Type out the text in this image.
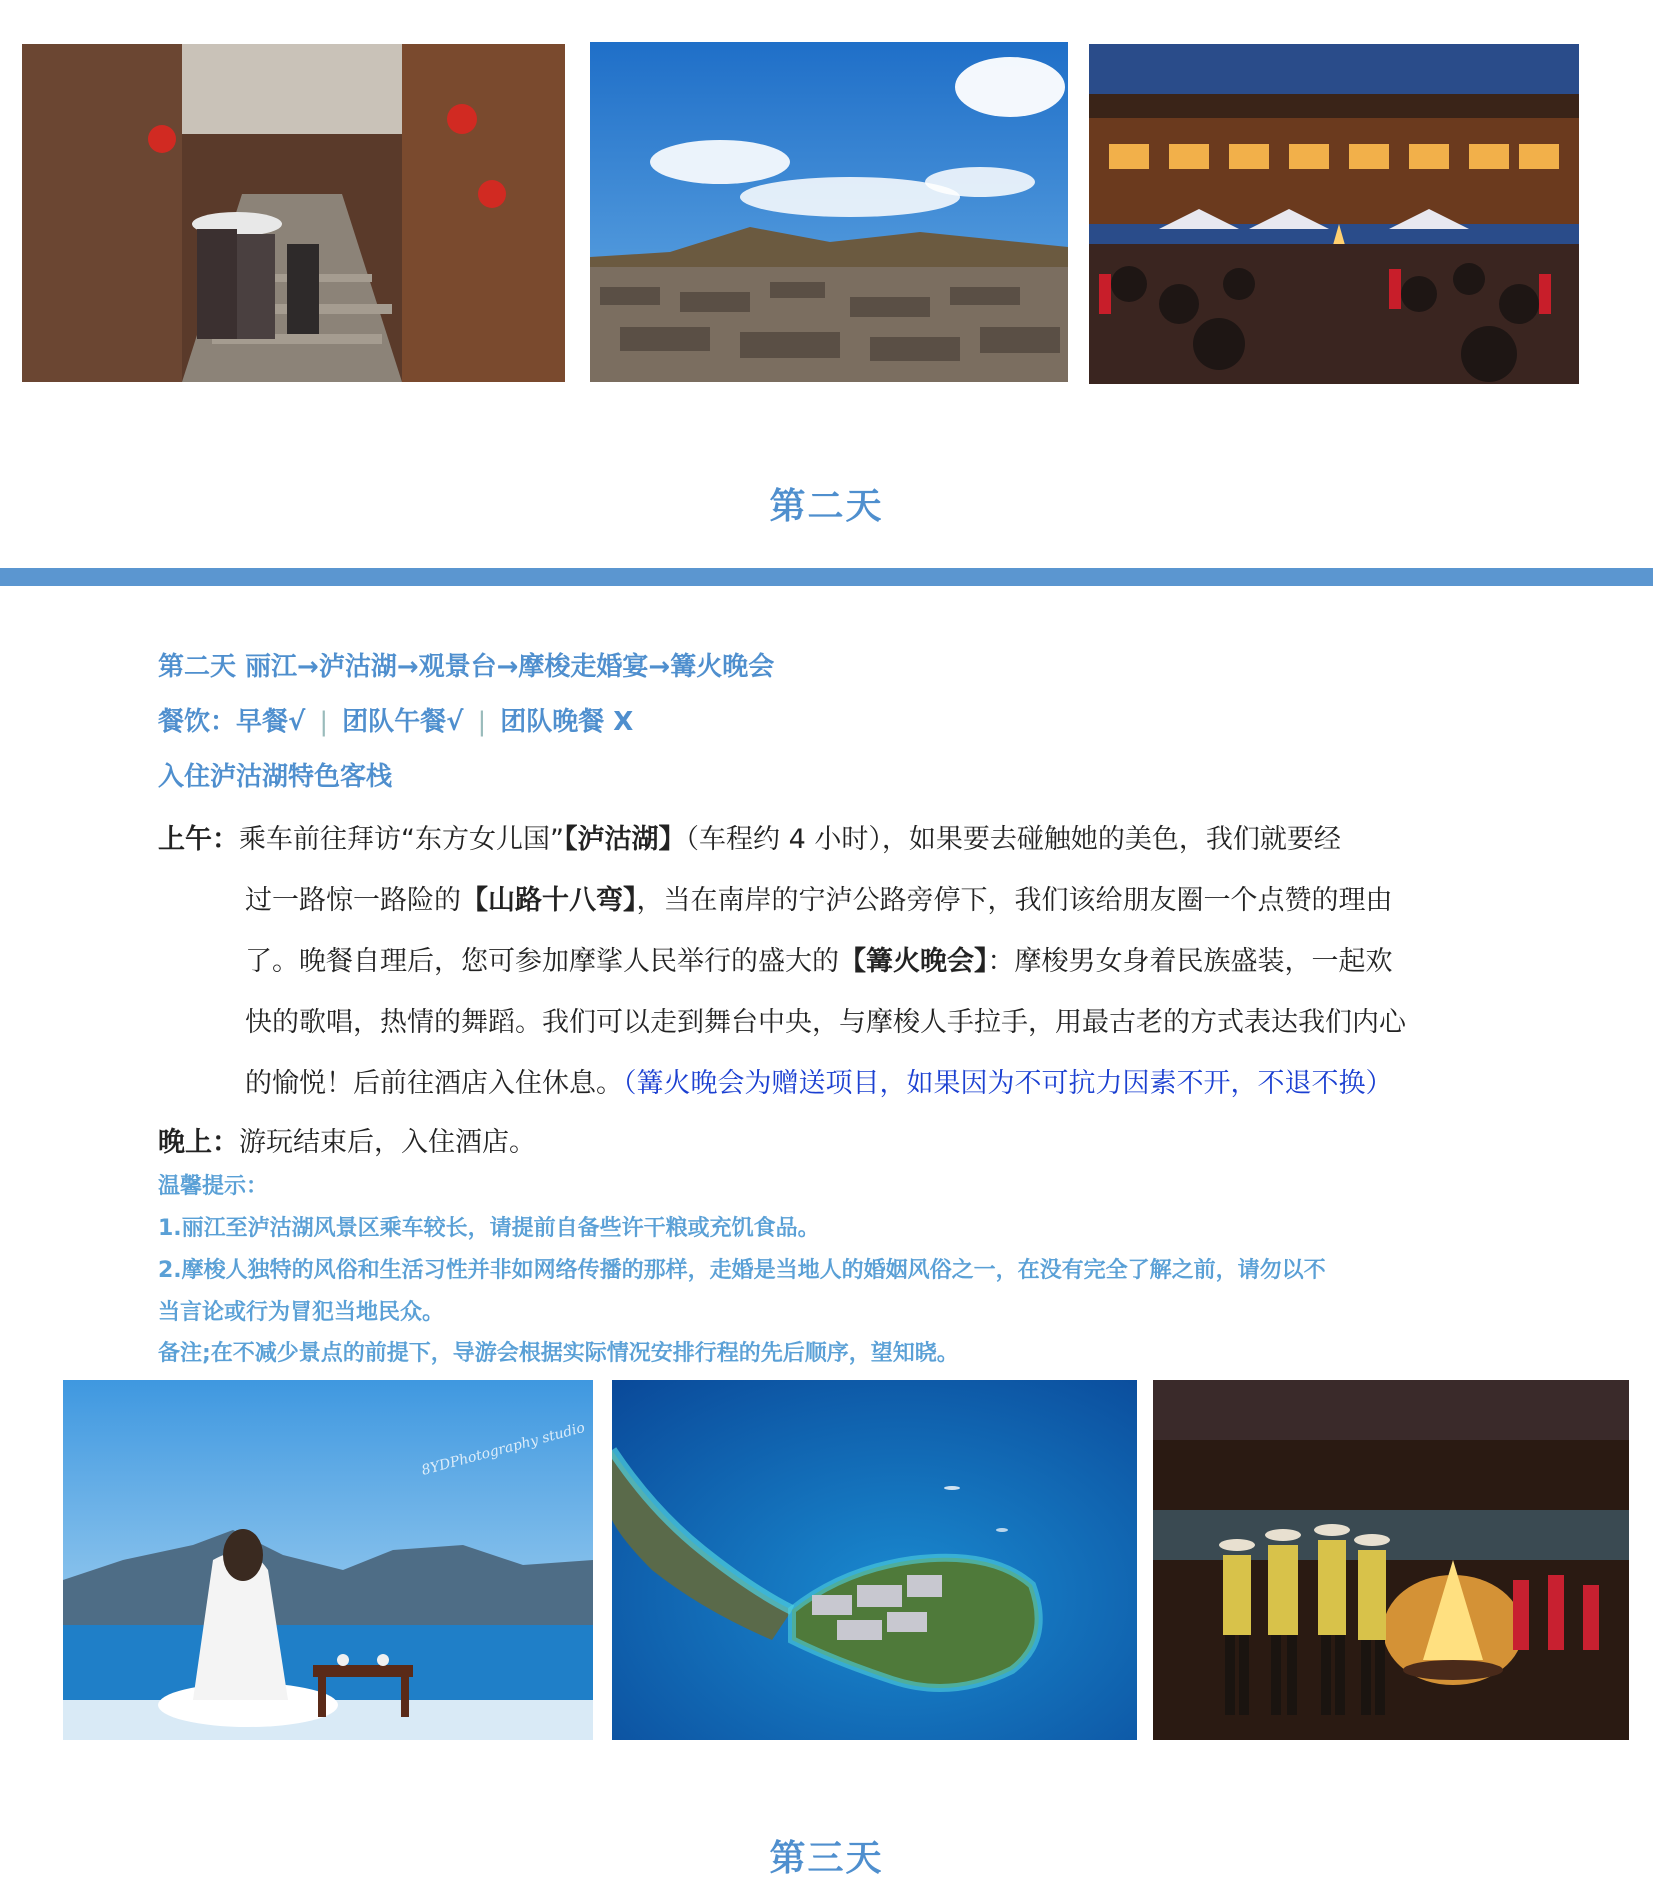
第二天
第二天 丽江→泸沽湖→观景台→摩梭走婚宴→篝火晚会
餐饮：早餐√ | 团队午餐√ | 团队晚餐 X
入住泸沽湖特色客栈
上午：乘车前往拜访“东方女儿国”【泸沽湖】（车程约 4 小时），如果要去碰触她的美色，我们就要经
过一路惊一路险的【山路十八弯】，当在南岸的宁泸公路旁停下，我们该给朋友圈一个点赞的理由
了。晚餐自理后，您可参加摩挲人民举行的盛大的【篝火晚会】：摩梭男女身着民族盛装，一起欢
快的歌唱，热情的舞蹈。我们可以走到舞台中央，与摩梭人手拉手，用最古老的方式表达我们内心
的愉悦！后前往酒店入住休息。（篝火晚会为赠送项目，如果因为不可抗力因素不开，不退不换）
晚上：游玩结束后，入住酒店。
温馨提示：
1.丽江至泸沽湖风景区乘车较长，请提前自备些许干粮或充饥食品。
2.摩梭人独特的风俗和生活习性并非如网络传播的那样，走婚是当地人的婚姻风俗之一，在没有完全了解之前，请勿以不
当言论或行为冒犯当地民众。
备注;在不减少景点的前提下，导游会根据实际情况安排行程的先后顺序，望知晓。
8YDPhotography studio
第三天
